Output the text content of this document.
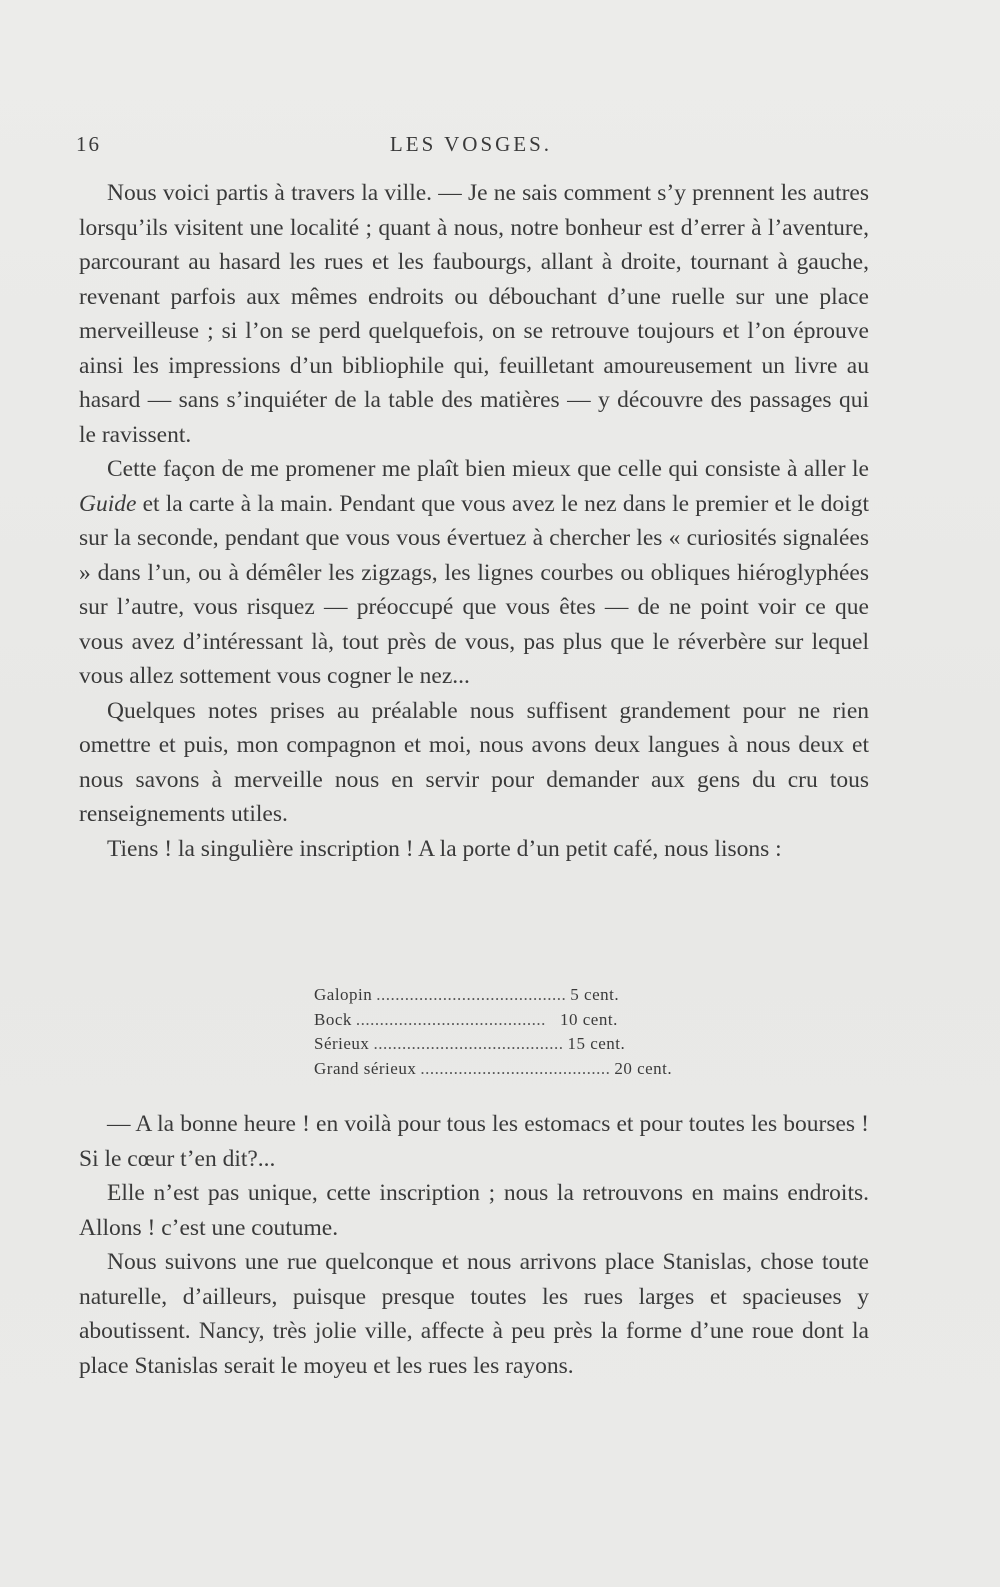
16	LES VOSGES.

Nous voici partis à travers la ville. — Je ne sais comment s’y prennent les autres lorsqu’ils visitent une localité ; quant à nous, notre bonheur est d’errer à l’aventure, parcourant au hasard les rues et les faubourgs, allant à droite, tournant à gauche, revenant parfois aux mêmes endroits ou débouchant d’une ruelle sur une place merveilleuse ; si l’on se perd quelquefois, on se retrouve toujours et l’on éprouve ainsi les impressions d’un bibliophile qui, feuilletant amoureusement un livre au hasard — sans s’inquiéter de la table des matières — y découvre des passages qui le ravissent.

Cette façon de me promener me plaît bien mieux que celle qui consiste à aller le Guide et la carte à la main. Pendant que vous avez le nez dans le premier et le doigt sur la seconde, pendant que vous vous évertuez à chercher les « curiosités signalées » dans l’un, ou à démêler les zigzags, les lignes courbes ou obliques hiéroglyphées sur l’autre, vous risquez — préoccupé que vous êtes — de ne point voir ce que vous avez d’intéressant là, tout près de vous, pas plus que le réverbère sur lequel vous allez sottement vous cogner le nez...

Quelques notes prises au préalable nous suffisent grandement pour ne rien omettre et puis, mon compagnon et moi, nous avons deux langues à nous deux et nous savons à merveille nous en servir pour demander aux gens du cru tous renseignements utiles.

Tiens ! la singulière inscription ! A la porte d’un petit café, nous lisons :

Galopin ........................................ 5 cent.
Bock ........................................ 10 cent.
Sérieux ........................................ 15 cent.
Grand sérieux ........................................ 20 cent.

— A la bonne heure ! en voilà pour tous les estomacs et pour toutes les bourses ! Si le cœur t’en dit?...

Elle n’est pas unique, cette inscription ; nous la retrouvons en mains endroits. Allons ! c’est une coutume.

Nous suivons une rue quelconque et nous arrivons place Stanislas, chose toute naturelle, d’ailleurs, puisque presque toutes les rues larges et spacieuses y aboutissent. Nancy, très jolie ville, affecte à peu près la forme d’une roue dont la place Stanislas serait le moyeu et les rues les rayons.
